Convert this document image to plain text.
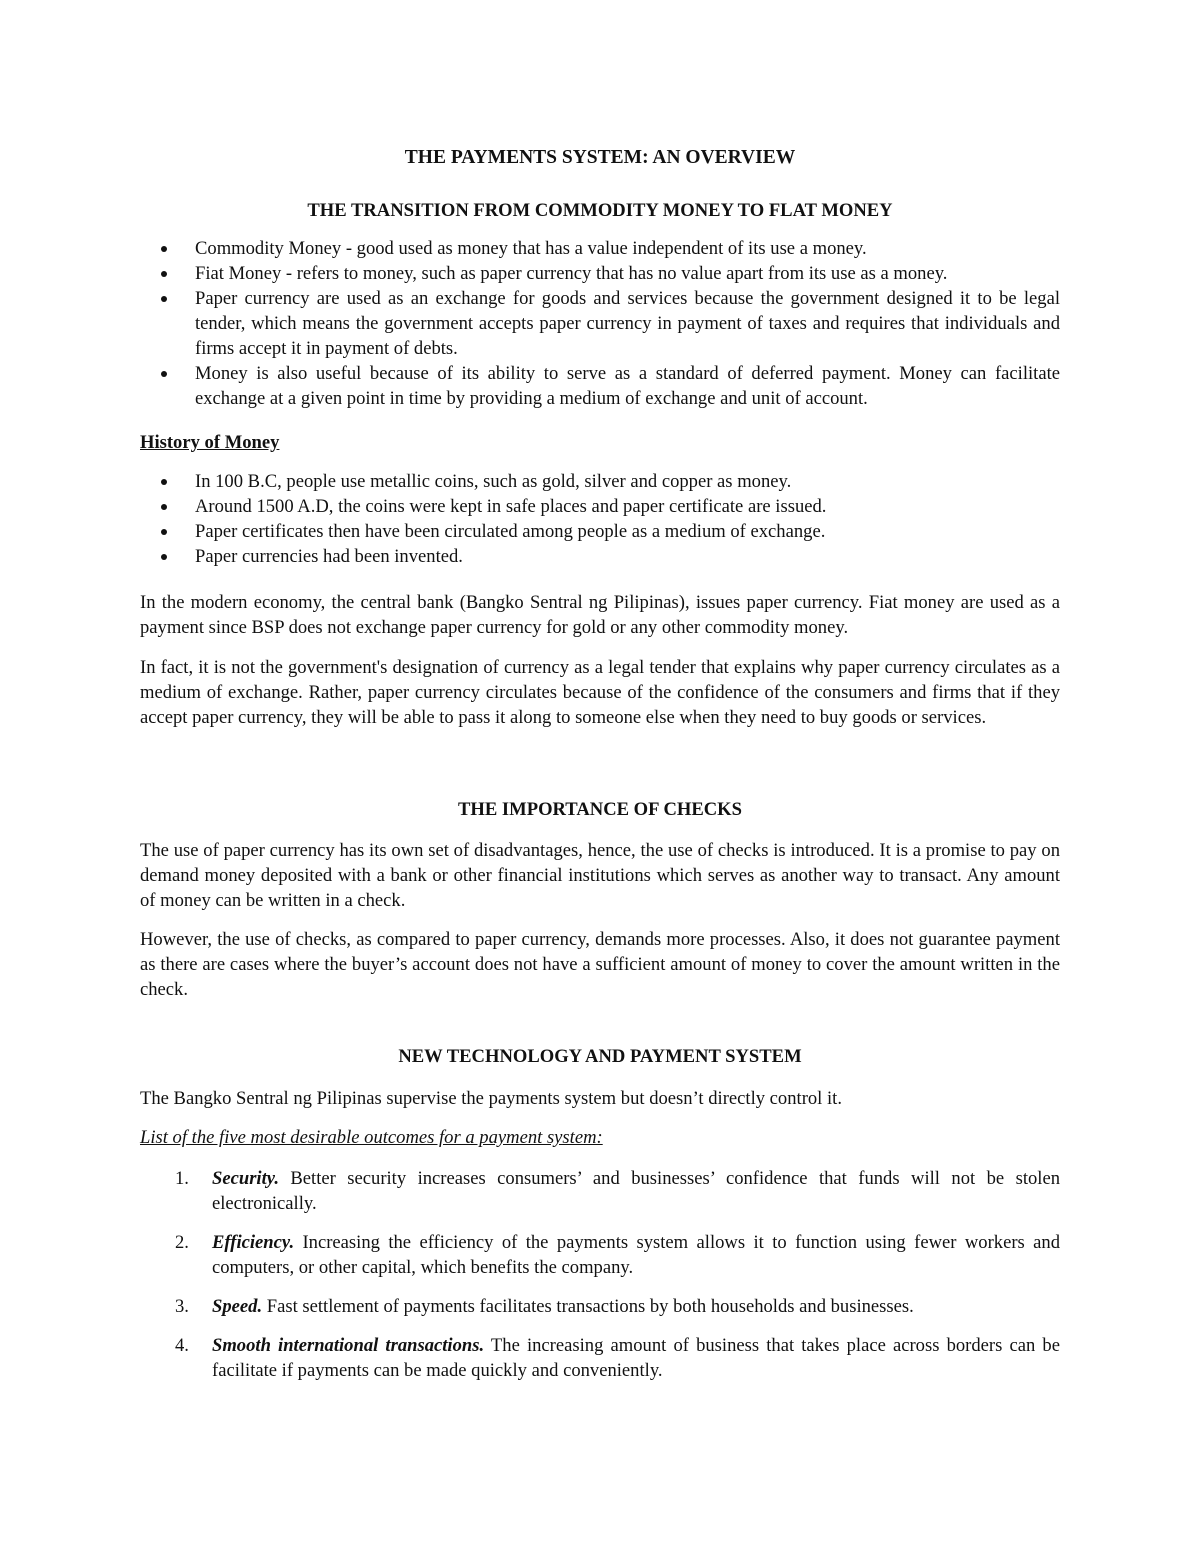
THE PAYMENTS SYSTEM: AN OVERVIEW
THE TRANSITION FROM COMMODITY MONEY TO FLAT MONEY
Commodity Money - good used as money that has a value independent of its use a money.
Fiat Money - refers to money, such as paper currency that has no value apart from its use as a money.
Paper currency are used as an exchange for goods and services because the government designed it to be legal tender, which means the government accepts paper currency in payment of taxes and requires that individuals and firms accept it in payment of debts.
Money is also useful because of its ability to serve as a standard of deferred payment. Money can facilitate exchange at a given point in time by providing a medium of exchange and unit of account.
History of Money
In 100 B.C, people use metallic coins, such as gold, silver and copper as money.
Around 1500 A.D, the coins were kept in safe places and paper certificate are issued.
Paper certificates then have been circulated among people as a medium of exchange.
Paper currencies had been invented.
In the modern economy, the central bank (Bangko Sentral ng Pilipinas), issues paper currency. Fiat money are used as a payment since BSP does not exchange paper currency for gold or any other commodity money.
In fact, it is not the government's designation of currency as a legal tender that explains why paper currency circulates as a medium of exchange. Rather, paper currency circulates because of the confidence of the consumers and firms that if they accept paper currency, they will be able to pass it along to someone else when they need to buy goods or services.
THE IMPORTANCE OF CHECKS
The use of paper currency has its own set of disadvantages, hence, the use of checks is introduced. It is a promise to pay on demand money deposited with a bank or other financial institutions which serves as another way to transact. Any amount of money can be written in a check.
However, the use of checks, as compared to paper currency, demands more processes. Also, it does not guarantee payment as there are cases where the buyer’s account does not have a sufficient amount of money to cover the amount written in the check.
NEW TECHNOLOGY AND PAYMENT SYSTEM
The Bangko Sentral ng Pilipinas supervise the payments system but doesn’t directly control it.
List of the five most desirable outcomes for a payment system:
1. Security. Better security increases consumers’ and businesses’ confidence that funds will not be stolen electronically.
2. Efficiency. Increasing the efficiency of the payments system allows it to function using fewer workers and computers, or other capital, which benefits the company.
3. Speed. Fast settlement of payments facilitates transactions by both households and businesses.
4. Smooth international transactions. The increasing amount of business that takes place across borders can be facilitate if payments can be made quickly and conveniently.
